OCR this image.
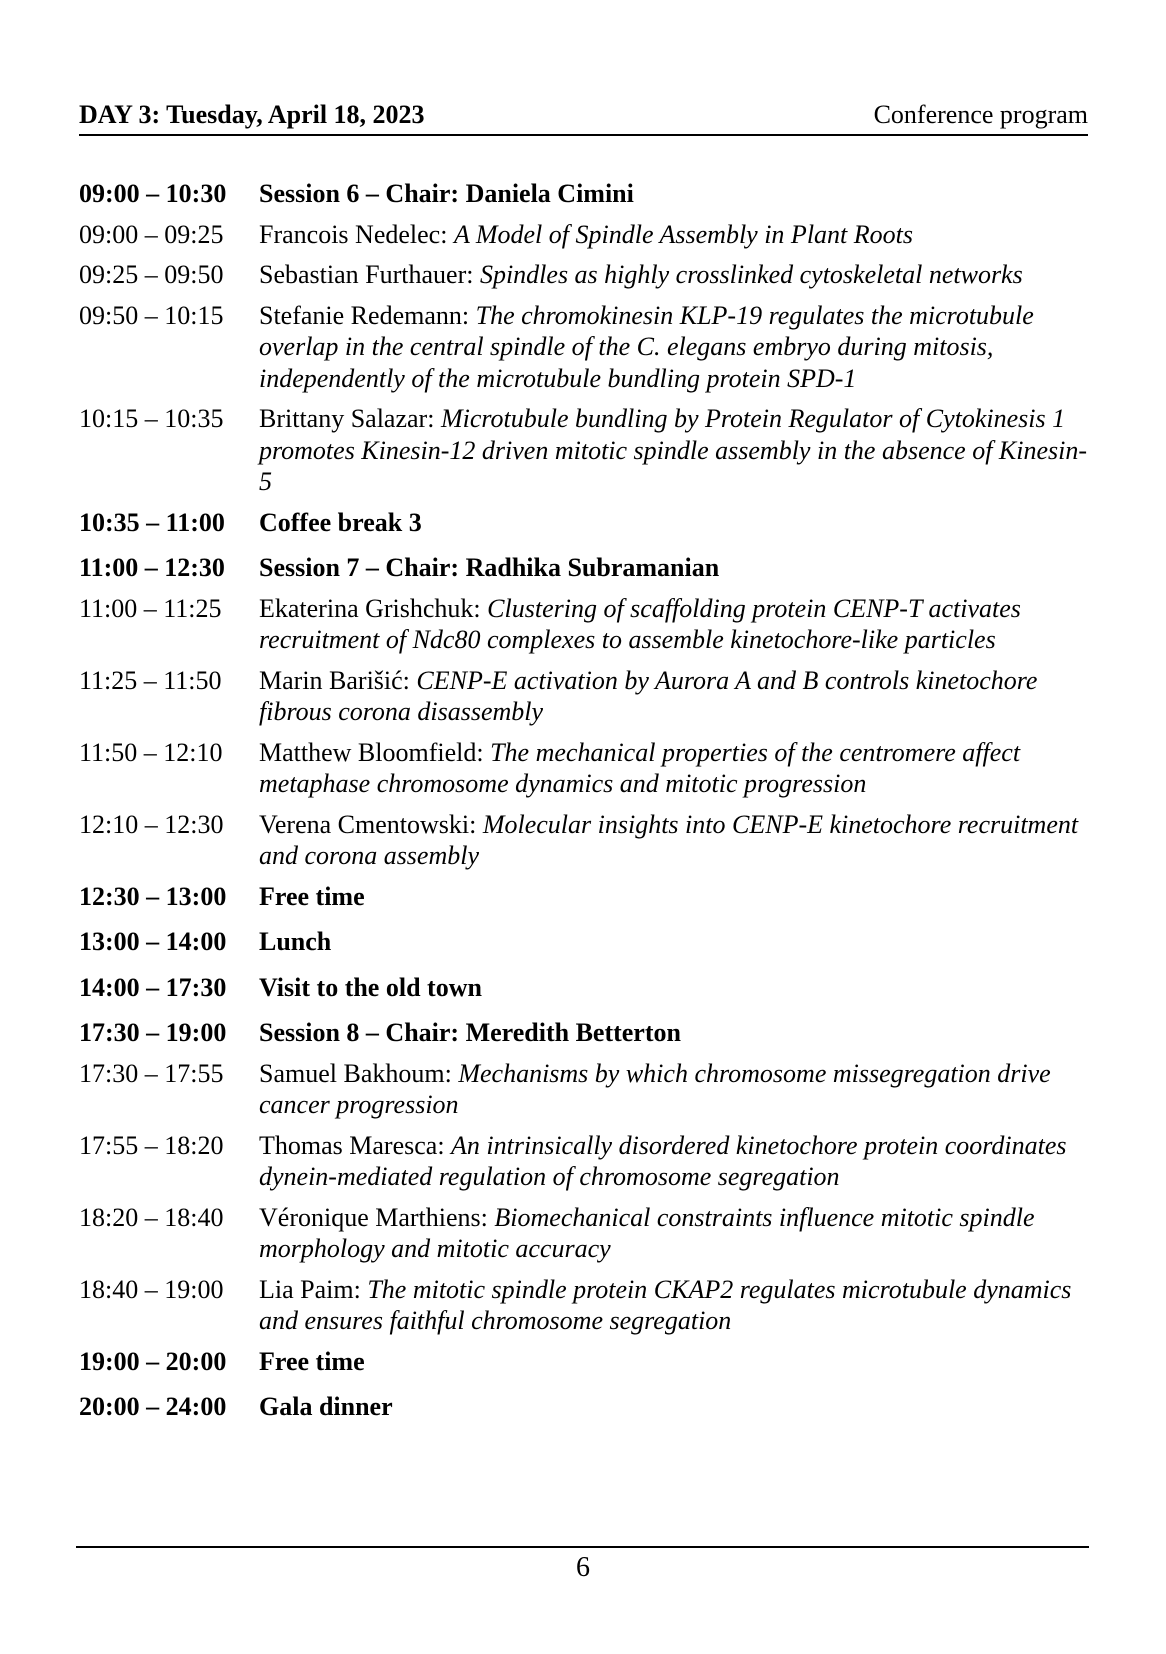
DAY 3: Tuesday, April 18, 2023	Conference program
09:00 – 10:30	Session 6 – Chair: Daniela Cimini
09:00 – 09:25	Francois Nedelec: A Model of Spindle Assembly in Plant Roots
09:25 – 09:50	Sebastian Furthauer: Spindles as highly crosslinked cytoskeletal networks
09:50 – 10:15	Stefanie Redemann: The chromokinesin KLP-19 regulates the microtubule overlap in the central spindle of the C. elegans embryo during mitosis, independently of the microtubule bundling protein SPD-1
10:15 – 10:35	Brittany Salazar: Microtubule bundling by Protein Regulator of Cytokinesis 1 promotes Kinesin-12 driven mitotic spindle assembly in the absence of Kinesin-5
10:35 – 11:00	Coffee break 3
11:00 – 12:30	Session 7 – Chair: Radhika Subramanian
11:00 – 11:25	Ekaterina Grishchuk: Clustering of scaffolding protein CENP-T activates recruitment of Ndc80 complexes to assemble kinetochore-like particles
11:25 – 11:50	Marin Barišić: CENP-E activation by Aurora A and B controls kinetochore fibrous corona disassembly
11:50 – 12:10	Matthew Bloomfield: The mechanical properties of the centromere affect metaphase chromosome dynamics and mitotic progression
12:10 – 12:30	Verena Cmentowski: Molecular insights into CENP-E kinetochore recruitment and corona assembly
12:30 – 13:00	Free time
13:00 – 14:00	Lunch
14:00 – 17:30	Visit to the old town
17:30 – 19:00	Session 8 – Chair: Meredith Betterton
17:30 – 17:55	Samuel Bakhoum: Mechanisms by which chromosome missegregation drive cancer progression
17:55 – 18:20	Thomas Maresca: An intrinsically disordered kinetochore protein coordinates dynein-mediated regulation of chromosome segregation
18:20 – 18:40	Véronique Marthiens: Biomechanical constraints influence mitotic spindle morphology and mitotic accuracy
18:40 – 19:00	Lia Paim: The mitotic spindle protein CKAP2 regulates microtubule dynamics and ensures faithful chromosome segregation
19:00 – 20:00	Free time
20:00 – 24:00	Gala dinner
6
